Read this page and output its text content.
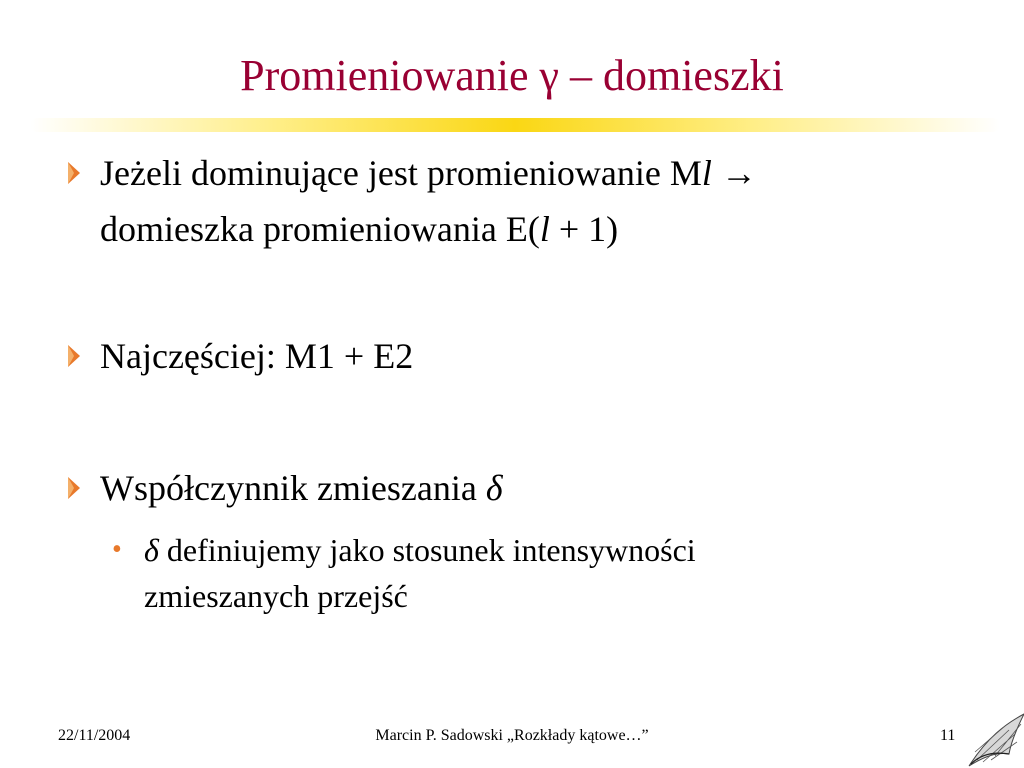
Promieniowanie γ – domieszki
Jeżeli dominujące jest promieniowanie Ml →
domieszka promieniowania E(l + 1)
Najczęściej: M1 + E2
Współczynnik zmieszania δ
• δ definiujemy jako stosunek intensywności
zmieszanych przejść
22/11/2004	Marcin P. Sadowski „Rozkłady kątowe…”	11
